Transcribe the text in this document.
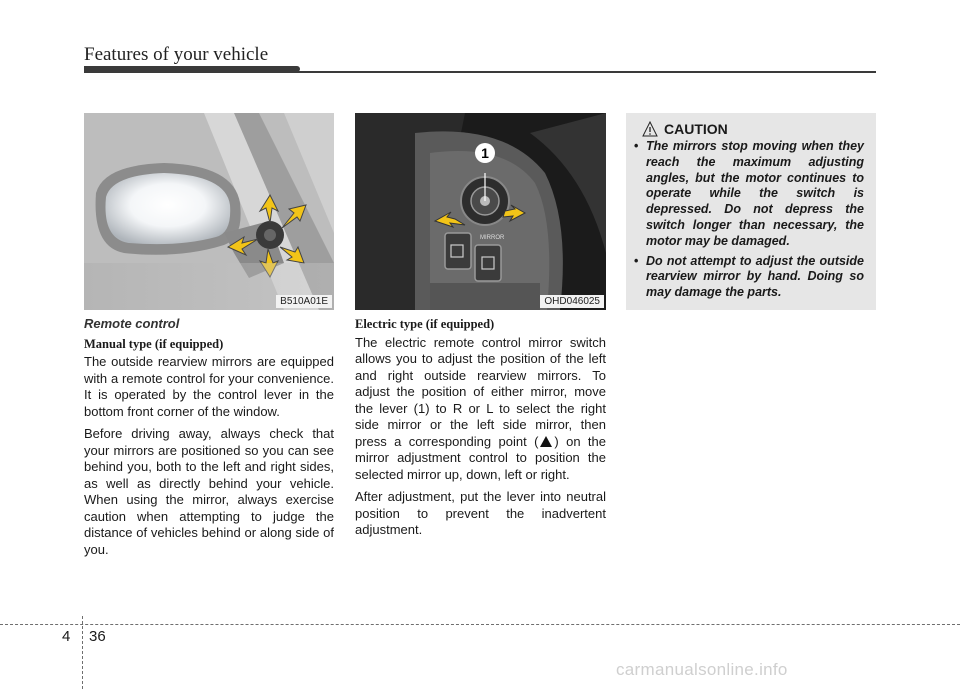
Features of your vehicle
B510A01E
1
MIRROR
OHD046025
CAUTION
• The mirrors stop moving when they reach the maximum adjusting angles, but the motor continues to operate while the switch is depressed. Do not depress the switch longer than necessary, the motor may be damaged.
• Do not attempt to adjust the outside rearview mirror by hand. Doing so may damage the parts.
Remote control
Manual type (if equipped)

The outside rearview mirrors are equipped with a remote control for your convenience. It is operated by the control lever in the bottom front corner of the window.

Before driving away, always check that your mirrors are positioned so you can see behind you, both to the left and right sides, as well as directly behind your vehicle. When using the mirror, always exercise caution when attempting to judge the distance of vehicles behind or along side of you.

Electric type (if equipped)

The electric remote control mirror switch allows you to adjust the position of the left and right outside rearview mirrors. To adjust the position of either mirror, move the lever (1) to R or L to select the right side mirror or the left side mirror, then press a corresponding point ( ) on the mirror adjustment control to position the selected mirror up, down, left or right.

After adjustment, put the lever into neutral position to prevent the inadvertent adjustment.

4 36
carmanualsonline.info
